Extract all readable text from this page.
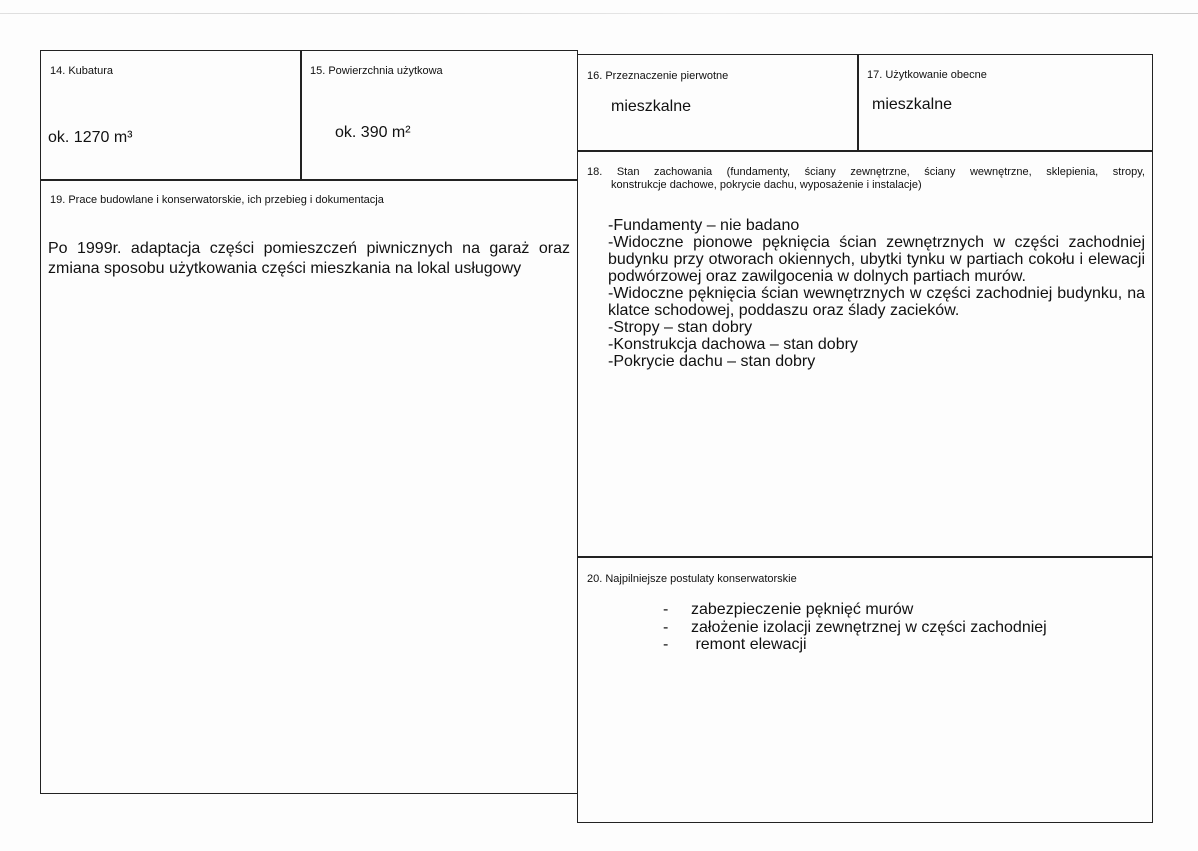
14. Kubatura
ok. 1270 m³
15. Powierzchnia użytkowa
ok. 390 m²
16. Przeznaczenie pierwotne
mieszkalne
17. Użytkowanie obecne
mieszkalne
19. Prace budowlane i konserwatorskie, ich przebieg i dokumentacja
Po 1999r. adaptacja części pomieszczeń piwnicznych na garaż oraz
zmiana sposobu użytkowania części mieszkania na lokal usługowy
18. Stan zachowania (fundamenty, ściany zewnętrzne, ściany wewnętrzne, sklepienia, stropy,
konstrukcje dachowe, pokrycie dachu, wyposażenie i instalacje)
-Fundamenty – nie badano
-Widoczne pionowe pęknięcia ścian zewnętrznych w części zachodniej
budynku przy otworach okiennych, ubytki tynku w partiach cokołu i elewacji
podwórzowej oraz zawilgocenia w dolnych partiach murów.
-Widoczne pęknięcia ścian wewnętrznych w części zachodniej budynku, na
klatce schodowej, poddaszu oraz ślady zacieków.
-Stropy – stan dobry
-Konstrukcja dachowa – stan dobry
-Pokrycie dachu – stan dobry
20. Najpilniejsze postulaty konserwatorskie
-	zabezpieczenie pęknięć murów
-	założenie izolacji zewnętrznej w części zachodniej
-	remont elewacji
